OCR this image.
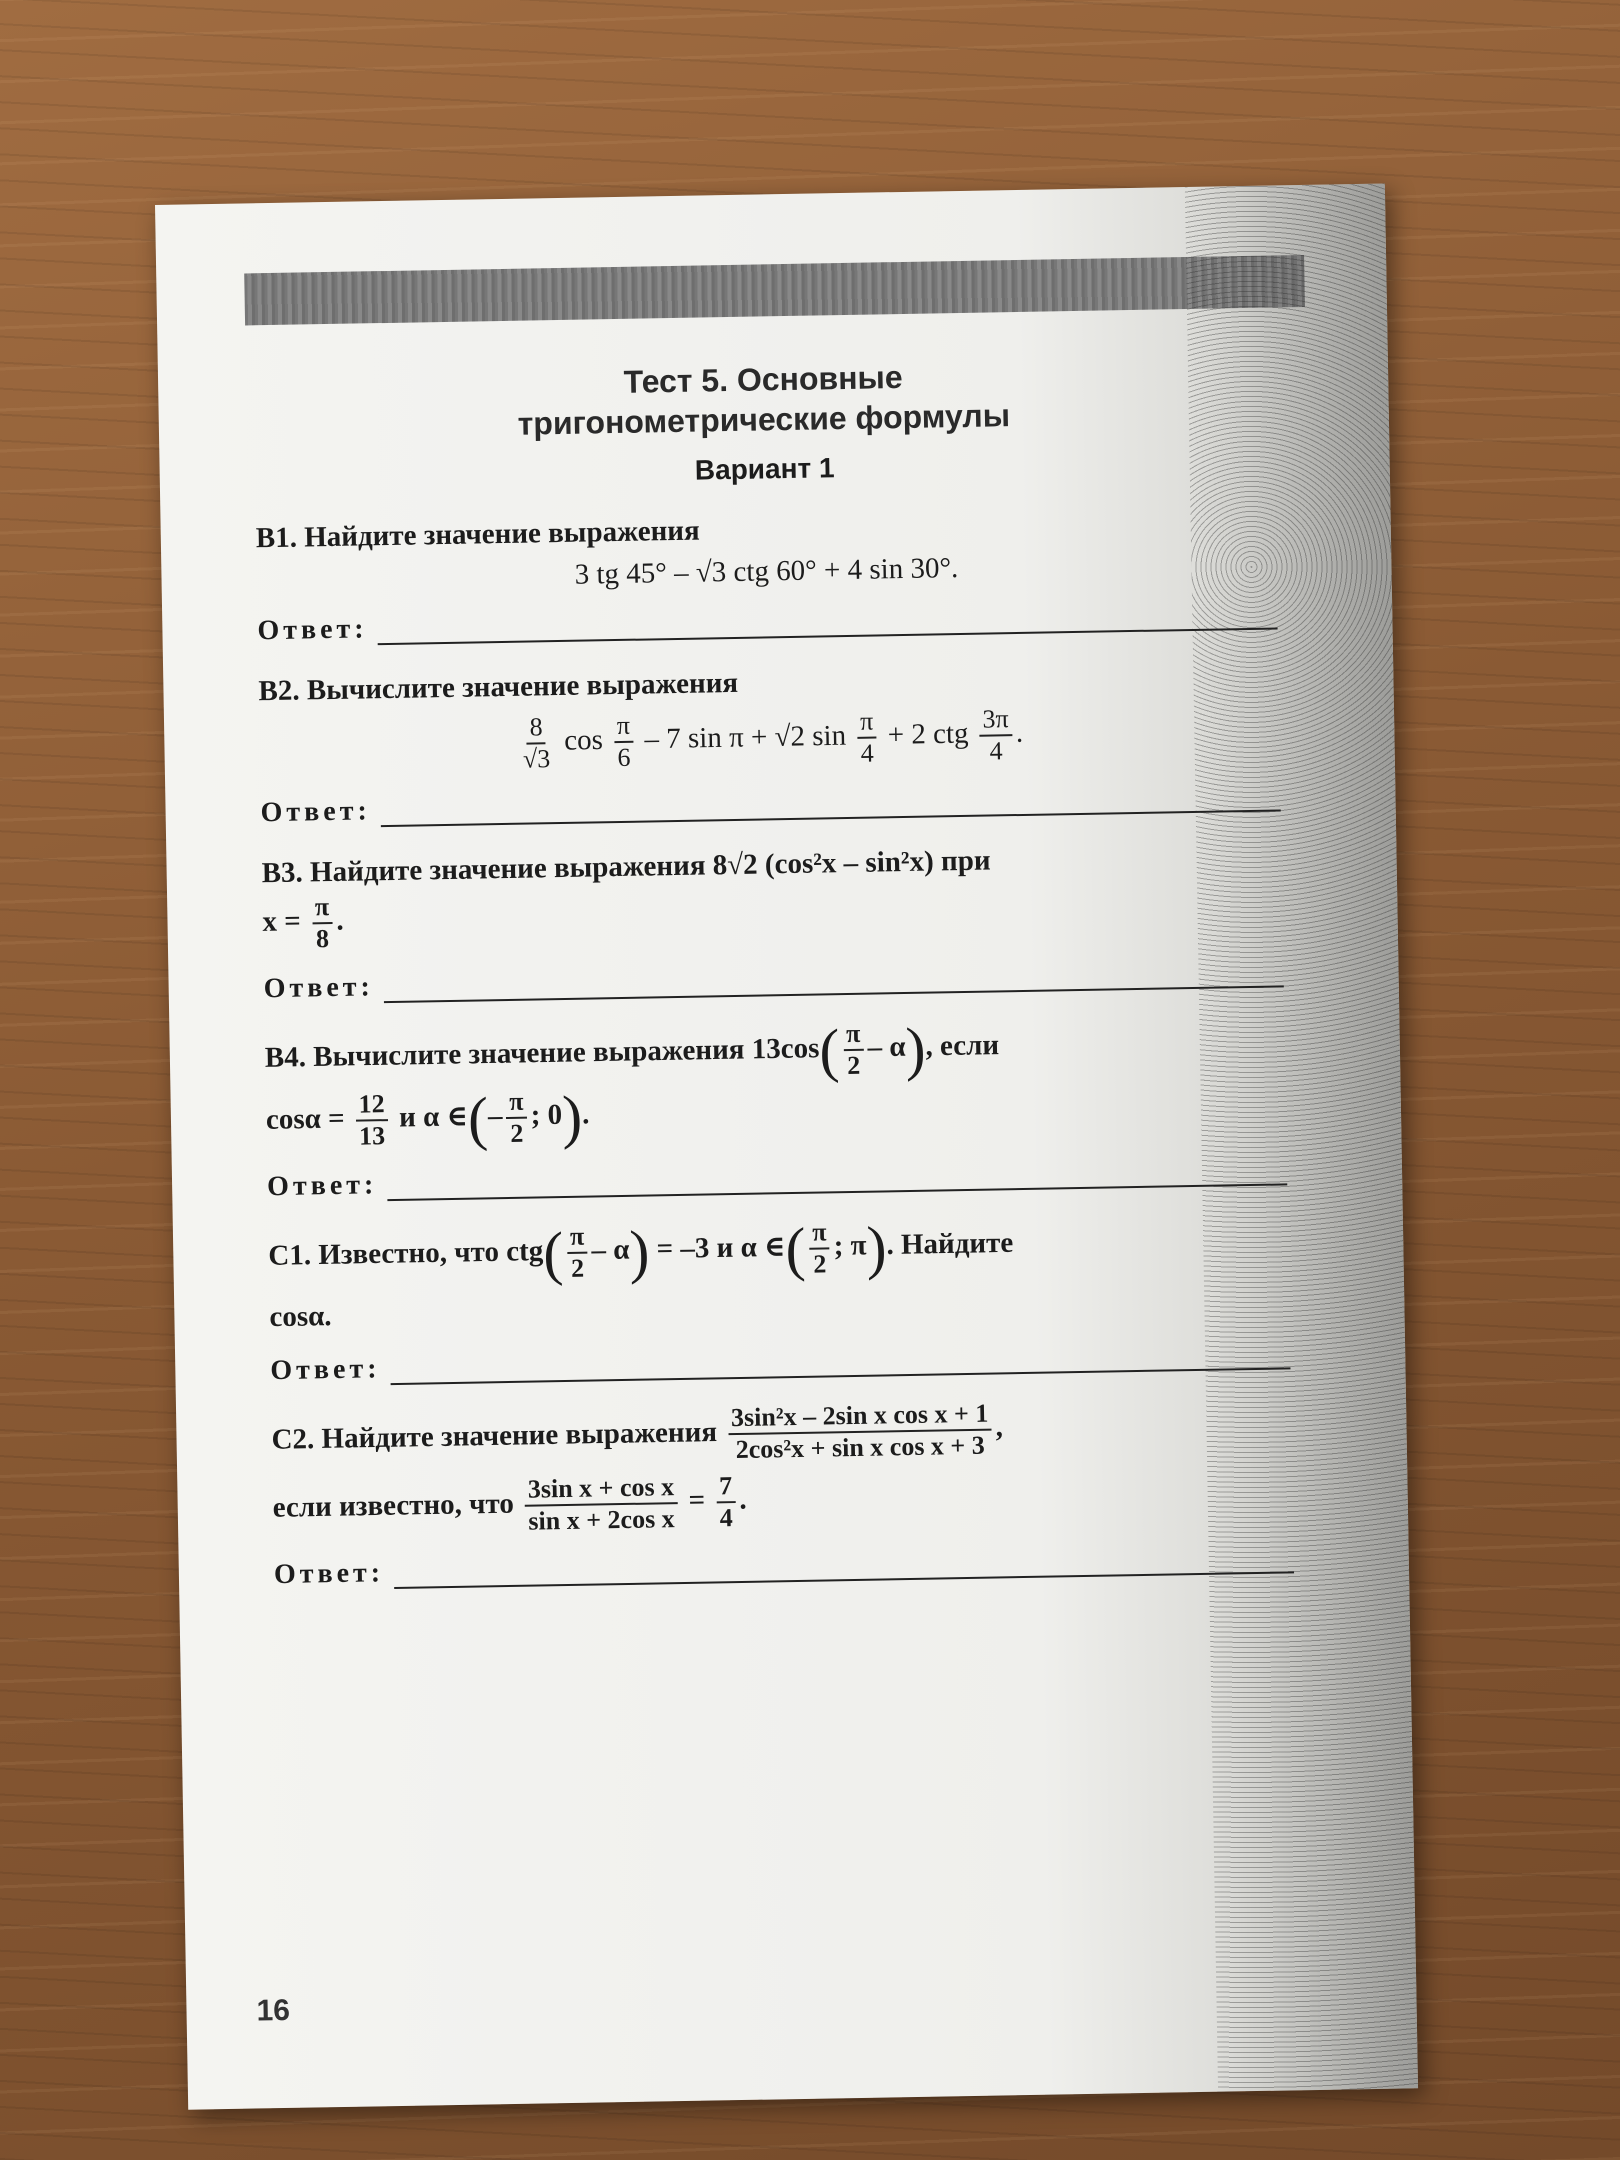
Тест 5. Основные
тригонометрические формулы
Вариант 1
В1. Найдите значение выражения
3 tg 45° – √3 ctg 60° + 4 sin 30°.
Ответ:
В2. Вычислите значение выражения
$\frac{8}{√3}$ $\cos \frac{\pi}{6} - 7$ sin π + √2 $\sin \frac{\pi}{4} + 2$ ctg $\frac{3\pi}{4}$ .
Ответ:
В3. Найдите значение выражения 8√2 (cos²x – sin²x) при
$x = \frac{\pi}{8}$ .
Ответ:
В4. Вычислите значение выражения $13\cos( \frac{\pi}{2} - \alpha)$, если
$\cos\alpha = \frac{12}{13}$ и α ∈(– $\frac{\pi}{2}$ ; 0).
Ответ:
С1. Известно, что $ctg( \frac{\pi}{2} - \alpha) = -3$ и α ∈( $\frac{\pi}{2}$ ; π). Найдите
cosα.
Ответ:
С2. Найдите значение выражения $\frac{\text{3sin²x – 2sin x cos x + 1}}{\text{2cos²x + sin x cos x + 3}}$ ,
если известно, что $\frac{\text{3sin x + cos x}}{\text{sin x + 2cos x}} = \frac{7}{4}$ .
Ответ:
16
